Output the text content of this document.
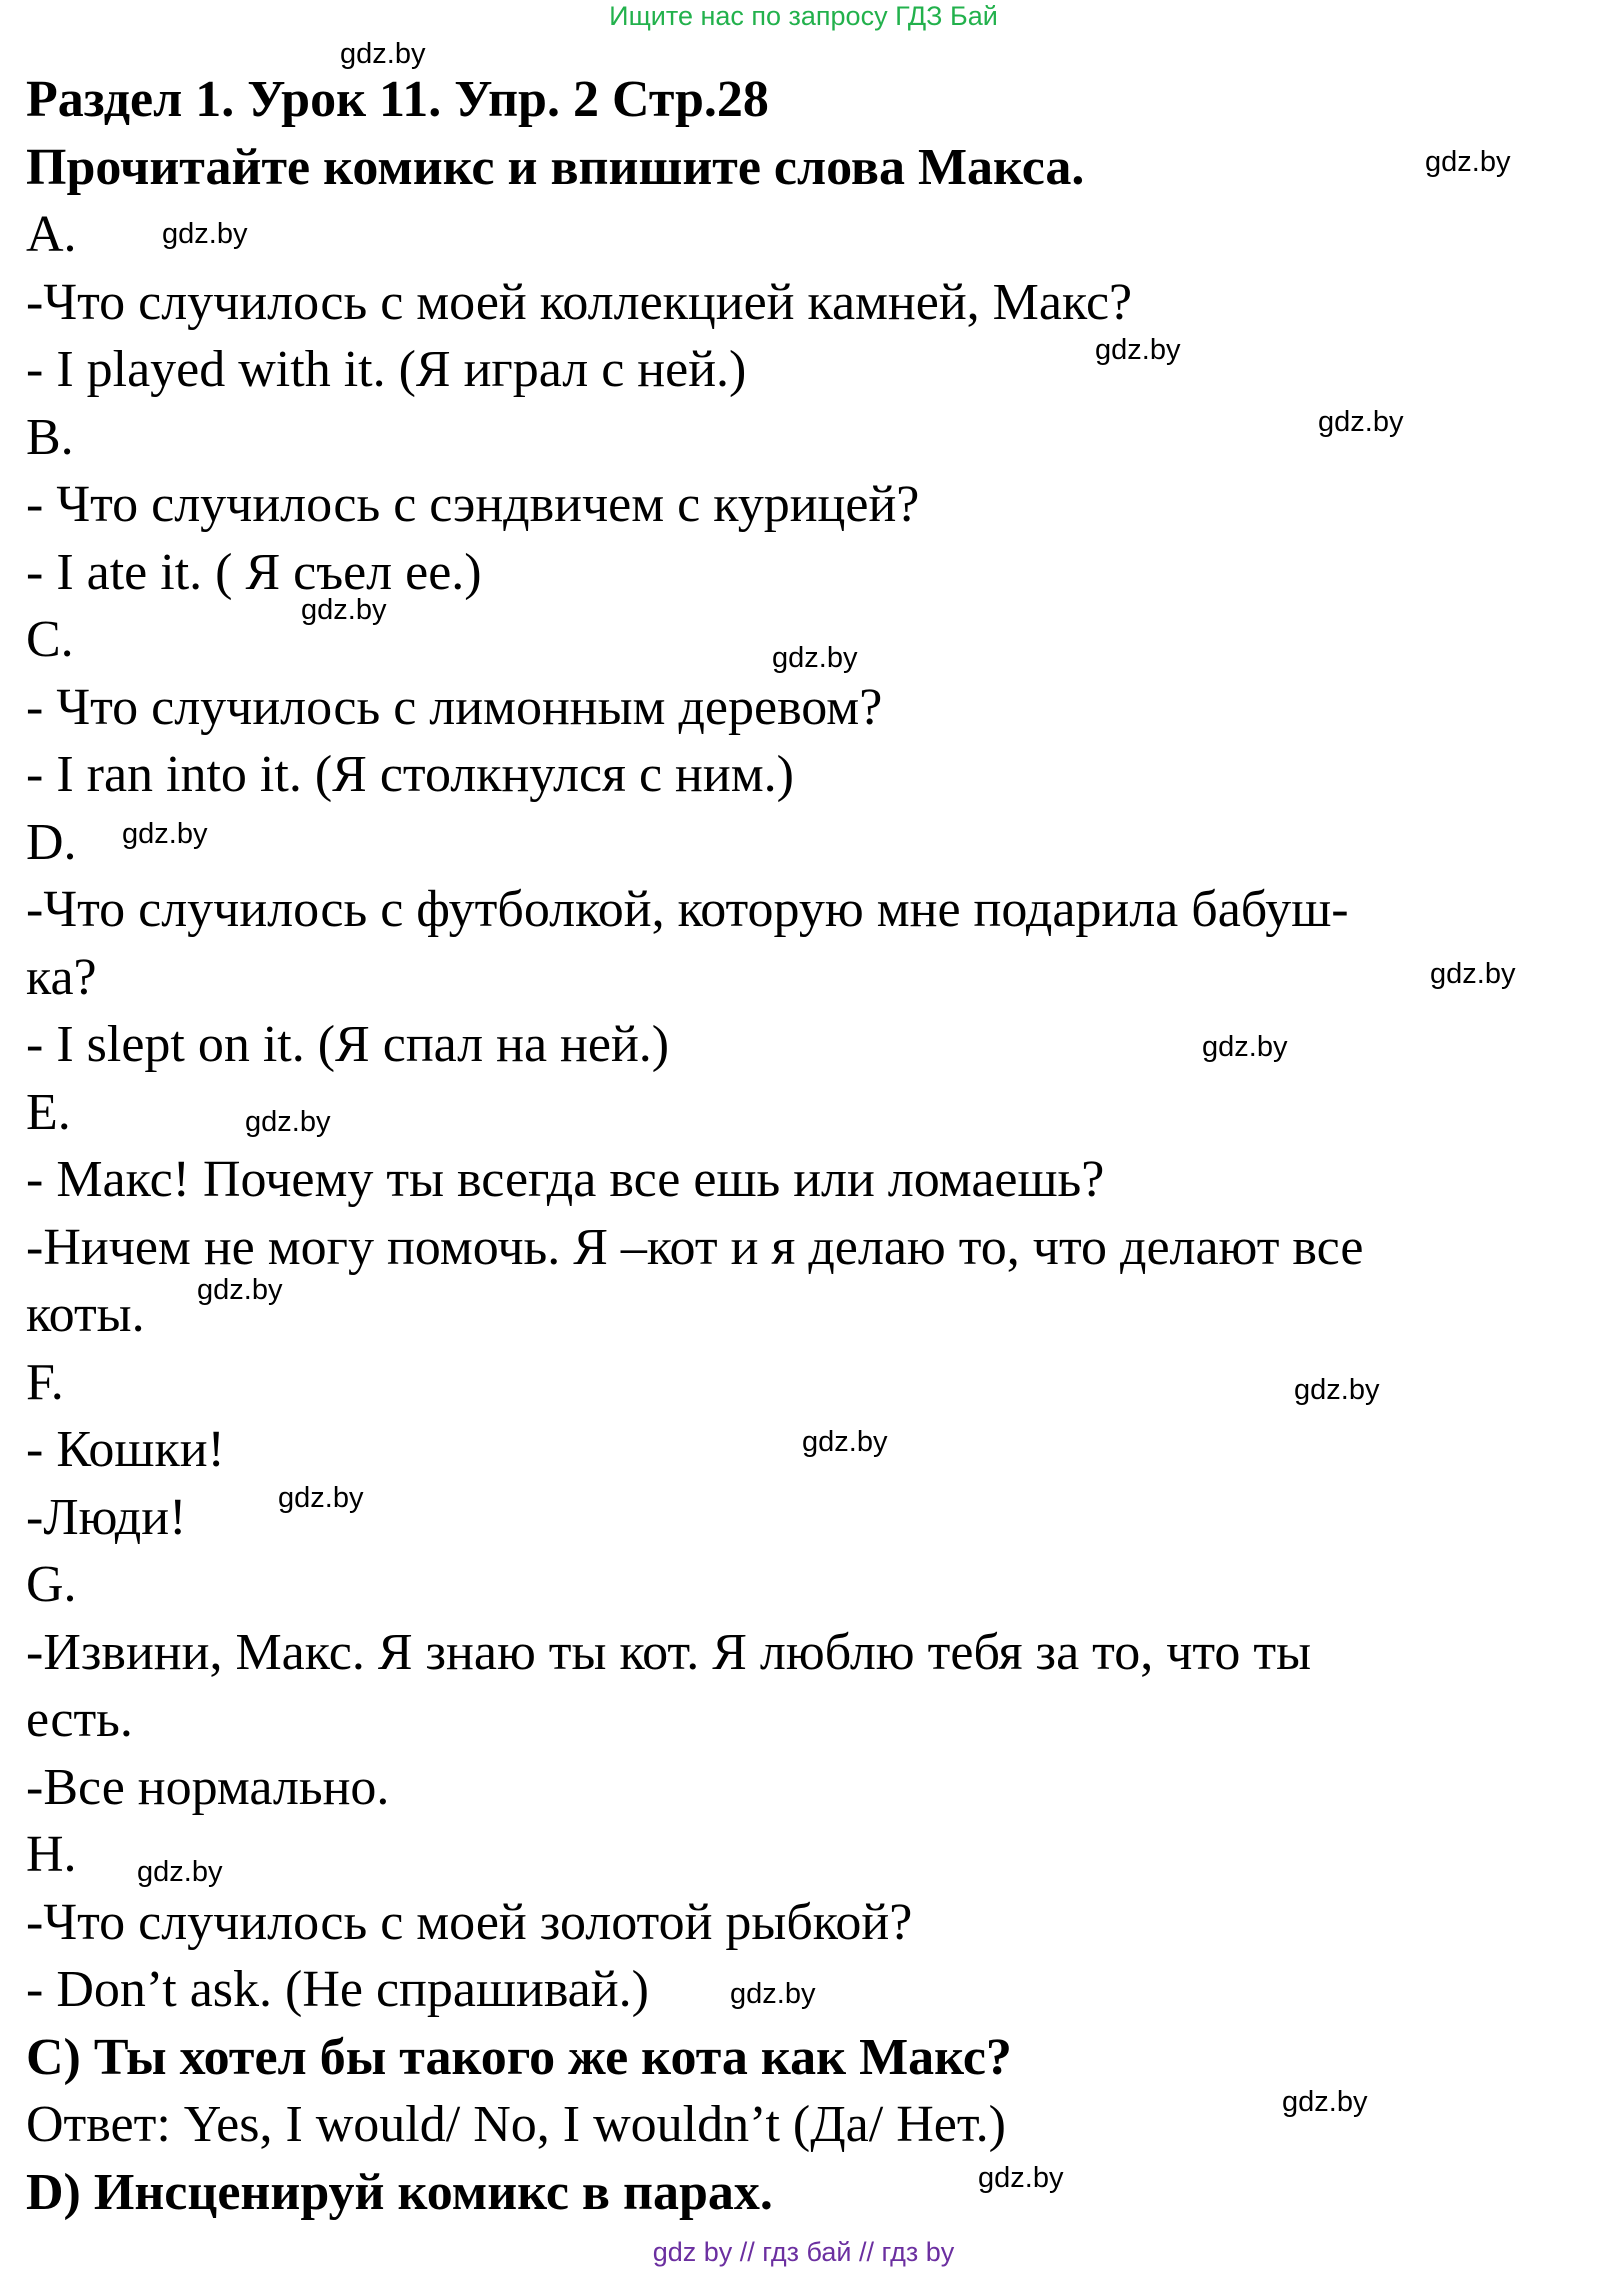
Ищите нас по запросу ГДЗ Бай
Раздел 1. Урок 11. Упр. 2 Стр.28
Прочитайте комикс и впишите слова Макса.
A.
-Что случилось с моей коллекцией камней, Макс?
- I played with it. (Я играл с ней.)
B.
- Что случилось с сэндвичем с курицей?
- I ate it. ( Я съел ее.)
C.
- Что случилось с лимонным деревом?
- I ran into it. (Я столкнулся с ним.)
D.
-Что случилось с футболкой, которую мне подарила бабуш-
ка?
- I slept on it. (Я спал на ней.)
E.
- Макс! Почему ты всегда все ешь или ломаешь?
-Ничем не могу помочь. Я –кот и я делаю то, что делают все
коты.
F.
- Кошки!
-Люди!
G.
-Извини, Макс. Я знаю ты кот. Я люблю тебя за то, что ты
есть.
-Все нормально.
H.
-Что случилось с моей золотой рыбкой?
- Don’t ask. (Не спрашивай.)
С) Ты хотел бы такого же кота как Макс?
Ответ: Yes, I would/ No, I wouldn’t (Да/ Нет.)
D) Инсценируй комикс в парах.
gdz.by
gdz.by
gdz.by
gdz.by
gdz.by
gdz.by
gdz.by
gdz.by
gdz.by
gdz.by
gdz.by
gdz.by
gdz.by
gdz.by
gdz.by
gdz.by
gdz.by
gdz.by
gdz.by
gdz by // гдз бай // гдз by
